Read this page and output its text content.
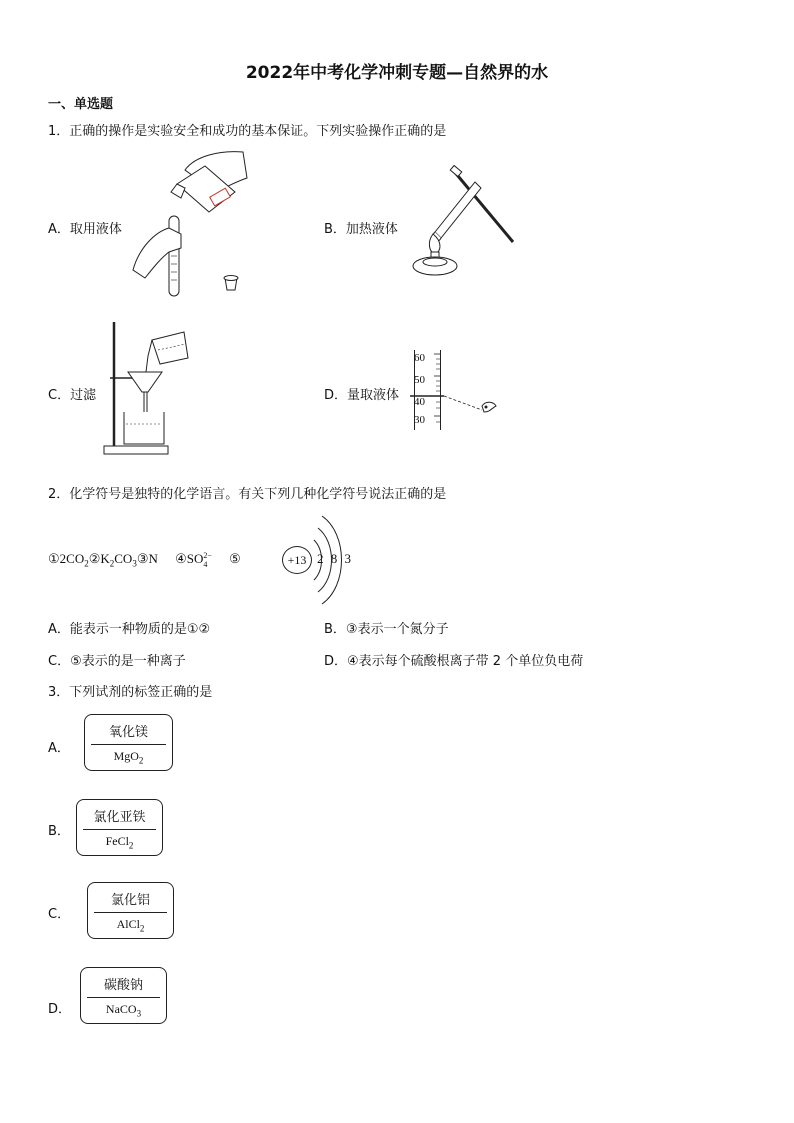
2022年中考化学冲刺专题—自然界的水
一、单选题
1．正确的操作是实验安全和成功的基本保证。下列实验操作正确的是
A．取用液体	B．加热液体
C．过滤	D．量取液体
60
50
40
30
2．化学符号是独特的化学语言。有关下列几种化学符号说法正确的是
$①2CO_2②K_2CO_3③N$ ④SO 2−
4	⑤	+13 2 8 3
A．能表示一种物质的是①②	B．③表示一个氮分子
C．⑤表示的是一种离子	D．④表示每个硫酸根离子带 2 个单位负电荷
3．下列试剂的标签正确的是
A．
氧化镁
MgO$_2$
B．
氯化亚铁
FeCl$_2$
C．
氯化铝
AlCl$_2$
D．
碳酸钠
NaCO$_3$
